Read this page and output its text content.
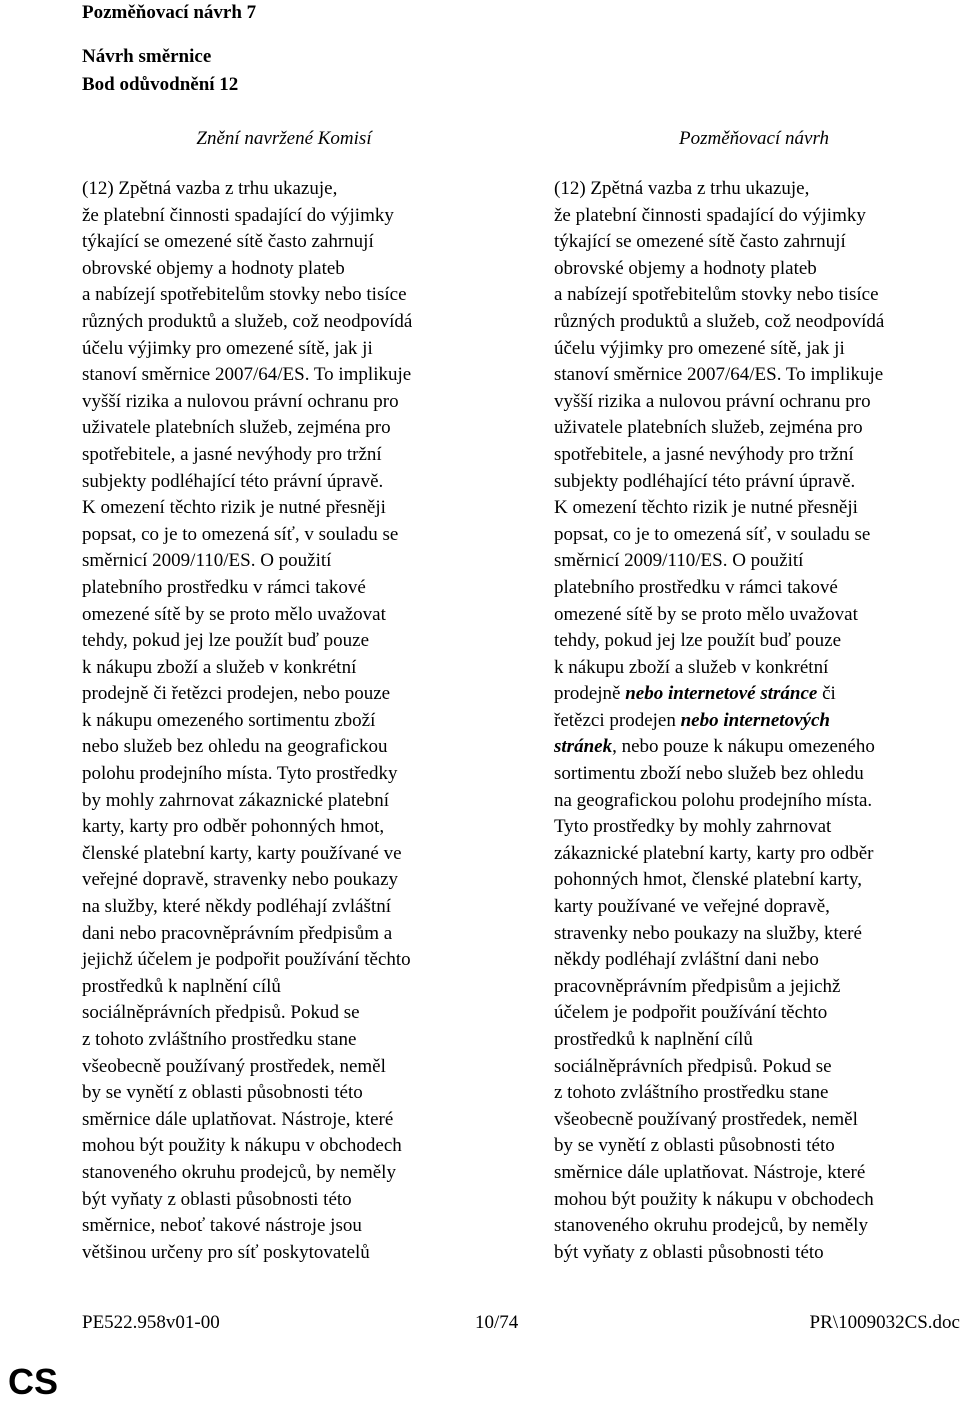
Pozměňovací návrh 7
Návrh směrnice
Bod odůvodnění 12
Znění navržené Komisí	Pozměňovací návrh
(12) Zpětná vazba z trhu ukazuje,
že platební činnosti spadající do výjimky
týkající se omezené sítě často zahrnují
obrovské objemy a hodnoty plateb
a nabízejí spotřebitelům stovky nebo tisíce
různých produktů a služeb, což neodpovídá
účelu výjimky pro omezené sítě, jak ji
stanoví směrnice 2007/64/ES. To implikuje
vyšší rizika a nulovou právní ochranu pro
uživatele platebních služeb, zejména pro
spotřebitele, a jasné nevýhody pro tržní
subjekty podléhající této právní úpravě.
K omezení těchto rizik je nutné přesněji
popsat, co je to omezená síť, v souladu se
směrnicí 2009/110/ES. O použití
platebního prostředku v rámci takové
omezené sítě by se proto mělo uvažovat
tehdy, pokud jej lze použít buď pouze
k nákupu zboží a služeb v konkrétní
prodejně či řetězci prodejen, nebo pouze
k nákupu omezeného sortimentu zboží
nebo služeb bez ohledu na geografickou
polohu prodejního místa. Tyto prostředky
by mohly zahrnovat zákaznické platební
karty, karty pro odběr pohonných hmot,
členské platební karty, karty používané ve
veřejné dopravě, stravenky nebo poukazy
na služby, které někdy podléhají zvláštní
dani nebo pracovněprávním předpisům a
jejichž účelem je podpořit používání těchto
prostředků k naplnění cílů
sociálněprávních předpisů. Pokud se
z tohoto zvláštního prostředku stane
všeobecně používaný prostředek, neměl
by se vynětí z oblasti působnosti této
směrnice dále uplatňovat. Nástroje, které
mohou být použity k nákupu v obchodech
stanoveného okruhu prodejců, by neměly
být vyňaty z oblasti působnosti této
směrnice, neboť takové nástroje jsou
většinou určeny pro síť poskytovatelů
(12) Zpětná vazba z trhu ukazuje,
že platební činnosti spadající do výjimky
týkající se omezené sítě často zahrnují
obrovské objemy a hodnoty plateb
a nabízejí spotřebitelům stovky nebo tisíce
různých produktů a služeb, což neodpovídá
účelu výjimky pro omezené sítě, jak ji
stanoví směrnice 2007/64/ES. To implikuje
vyšší rizika a nulovou právní ochranu pro
uživatele platebních služeb, zejména pro
spotřebitele, a jasné nevýhody pro tržní
subjekty podléhající této právní úpravě.
K omezení těchto rizik je nutné přesněji
popsat, co je to omezená síť, v souladu se
směrnicí 2009/110/ES. O použití
platebního prostředku v rámci takové
omezené sítě by se proto mělo uvažovat
tehdy, pokud jej lze použít buď pouze
k nákupu zboží a služeb v konkrétní
prodejně nebo internetové stránce či
řetězci prodejen nebo internetových
stránek, nebo pouze k nákupu omezeného
sortimentu zboží nebo služeb bez ohledu
na geografickou polohu prodejního místa.
Tyto prostředky by mohly zahrnovat
zákaznické platební karty, karty pro odběr
pohonných hmot, členské platební karty,
karty používané ve veřejné dopravě,
stravenky nebo poukazy na služby, které
někdy podléhají zvláštní dani nebo
pracovněprávním předpisům a jejichž
účelem je podpořit používání těchto
prostředků k naplnění cílů
sociálněprávních předpisů. Pokud se
z tohoto zvláštního prostředku stane
všeobecně používaný prostředek, neměl
by se vynětí z oblasti působnosti této
směrnice dále uplatňovat. Nástroje, které
mohou být použity k nákupu v obchodech
stanoveného okruhu prodejců, by neměly
být vyňaty z oblasti působnosti této
PE522.958v01-00	10/74	PR\1009032CS.doc
CS
